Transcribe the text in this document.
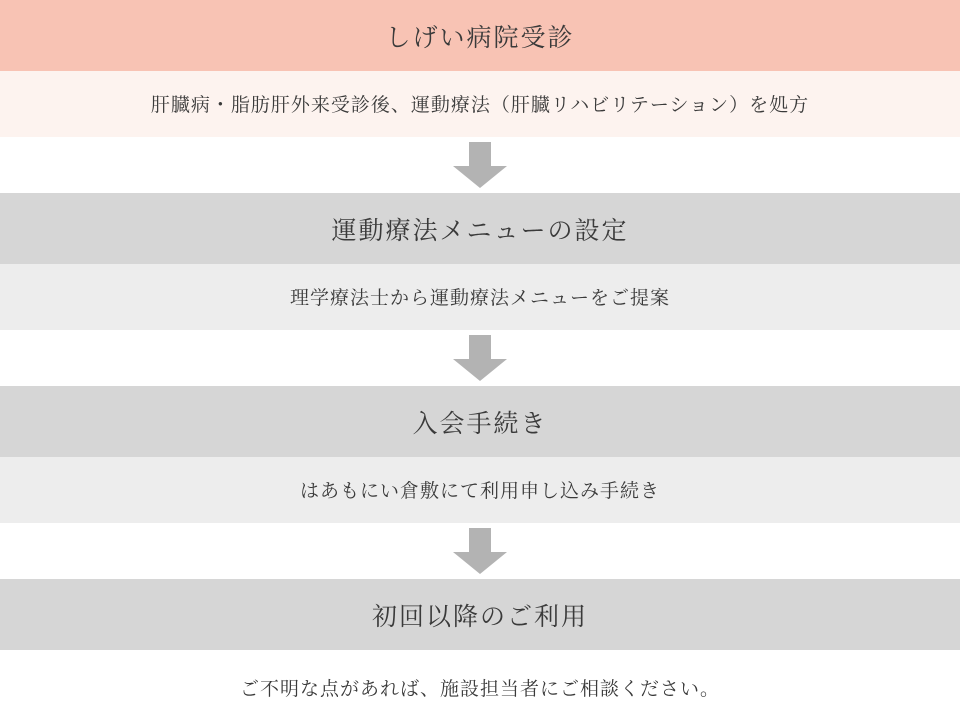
しげい病院受診
肝臓病・脂肪肝外来受診後、運動療法（肝臓リハビリテーション）を処方
運動療法メニューの設定
理学療法士から運動療法メニューをご提案
入会手続き
はあもにい倉敷にて利用申し込み手続き
初回以降のご利用
ご不明な点があれば、施設担当者にご相談ください。
